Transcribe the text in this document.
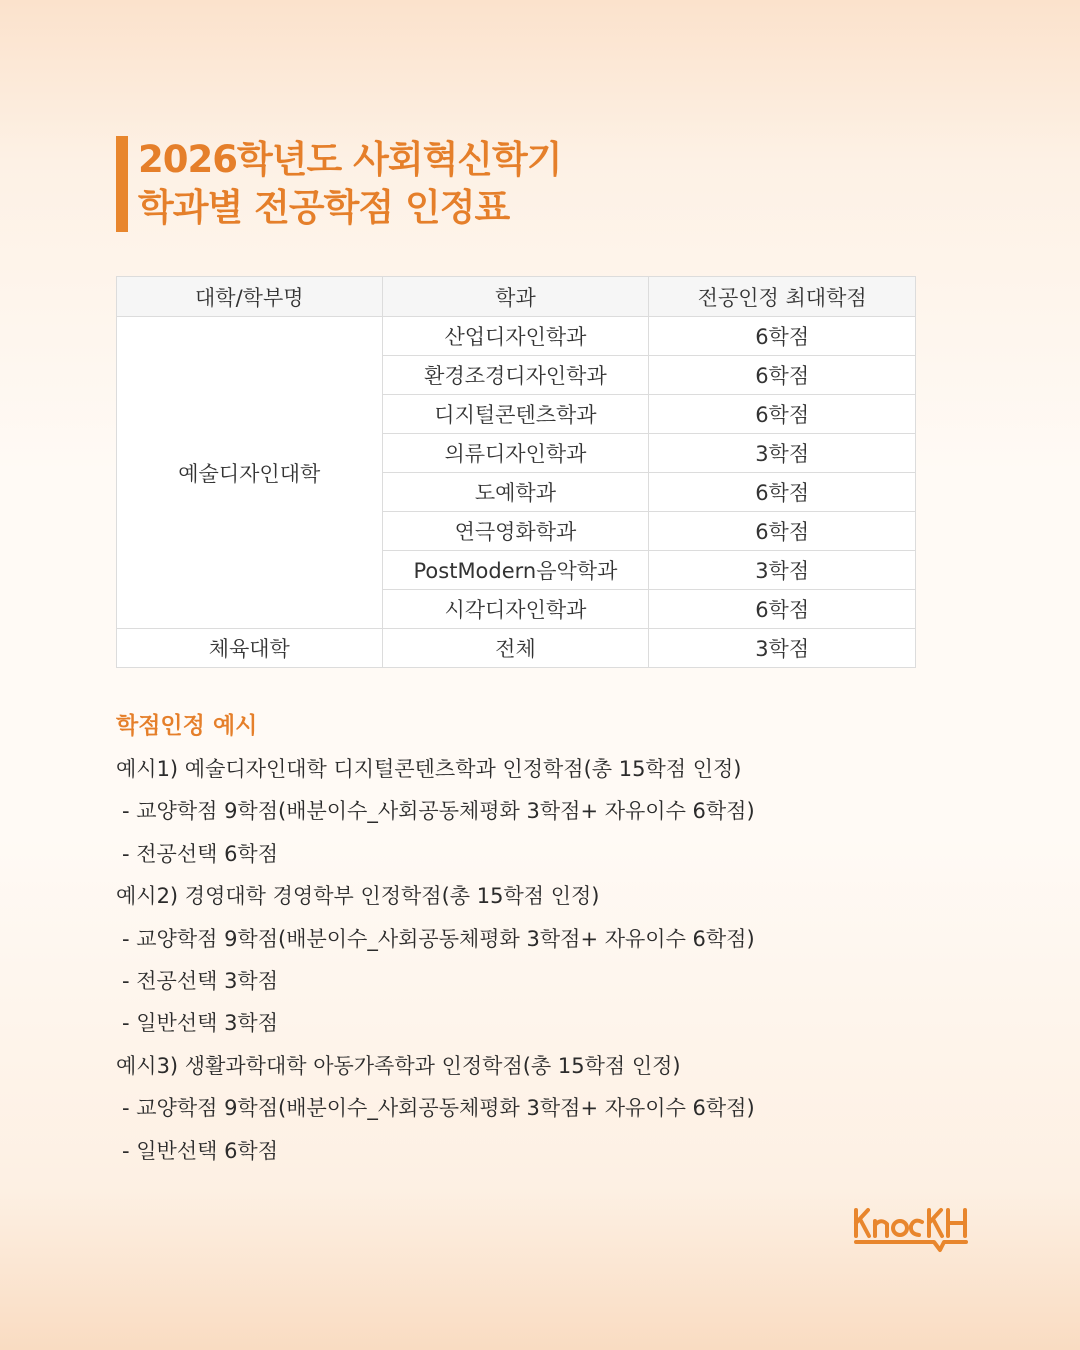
2026학년도 사회혁신학기
학과별 전공학점 인정표
대학/학부명	학과	전공인정 최대학점
예술디자인대학	산업디자인학과	6학점
	환경조경디자인학과	6학점
	디지털콘텐츠학과	6학점
	의류디자인학과	3학점
	도예학과	6학점
	연극영화학과	6학점
	PostModern음악학과	3학점
	시각디자인학과	6학점
체육대학	전체	3학점
학점인정 예시
예시1) 예술디자인대학 디지털콘텐츠학과 인정학점(총 15학점 인정)
- 교양학점 9학점(배분이수_사회공동체평화 3학점+ 자유이수 6학점)
- 전공선택 6학점
예시2) 경영대학 경영학부 인정학점(총 15학점 인정)
- 교양학점 9학점(배분이수_사회공동체평화 3학점+ 자유이수 6학점)
- 전공선택 3학점
- 일반선택 3학점
예시3) 생활과학대학 아동가족학과 인정학점(총 15학점 인정)
- 교양학점 9학점(배분이수_사회공동체평화 3학점+ 자유이수 6학점)
- 일반선택 6학점
